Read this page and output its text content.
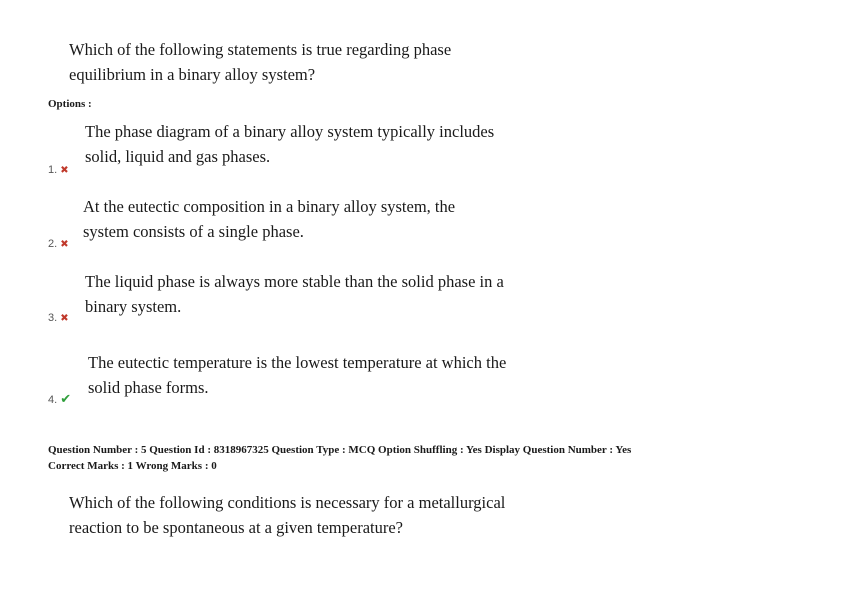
Which of the following statements is true regarding phase
equilibrium in a binary alloy system?

Options :

The phase diagram of a binary alloy system typically includes
solid, liquid and gas phases.

1. ✖

At the eutectic composition in a binary alloy system, the
system consists of a single phase.

2. ✖

The liquid phase is always more stable than the solid phase in a
binary system.

3. ✖

The eutectic temperature is the lowest temperature at which the
solid phase forms.

4. ✔
Question Number : 5 Question Id : 8318967325 Question Type : MCQ Option Shuffling : Yes Display Question Number : Yes
Correct Marks : 1 Wrong Marks : 0

Which of the following conditions is necessary for a metallurgical
reaction to be spontaneous at a given temperature?
